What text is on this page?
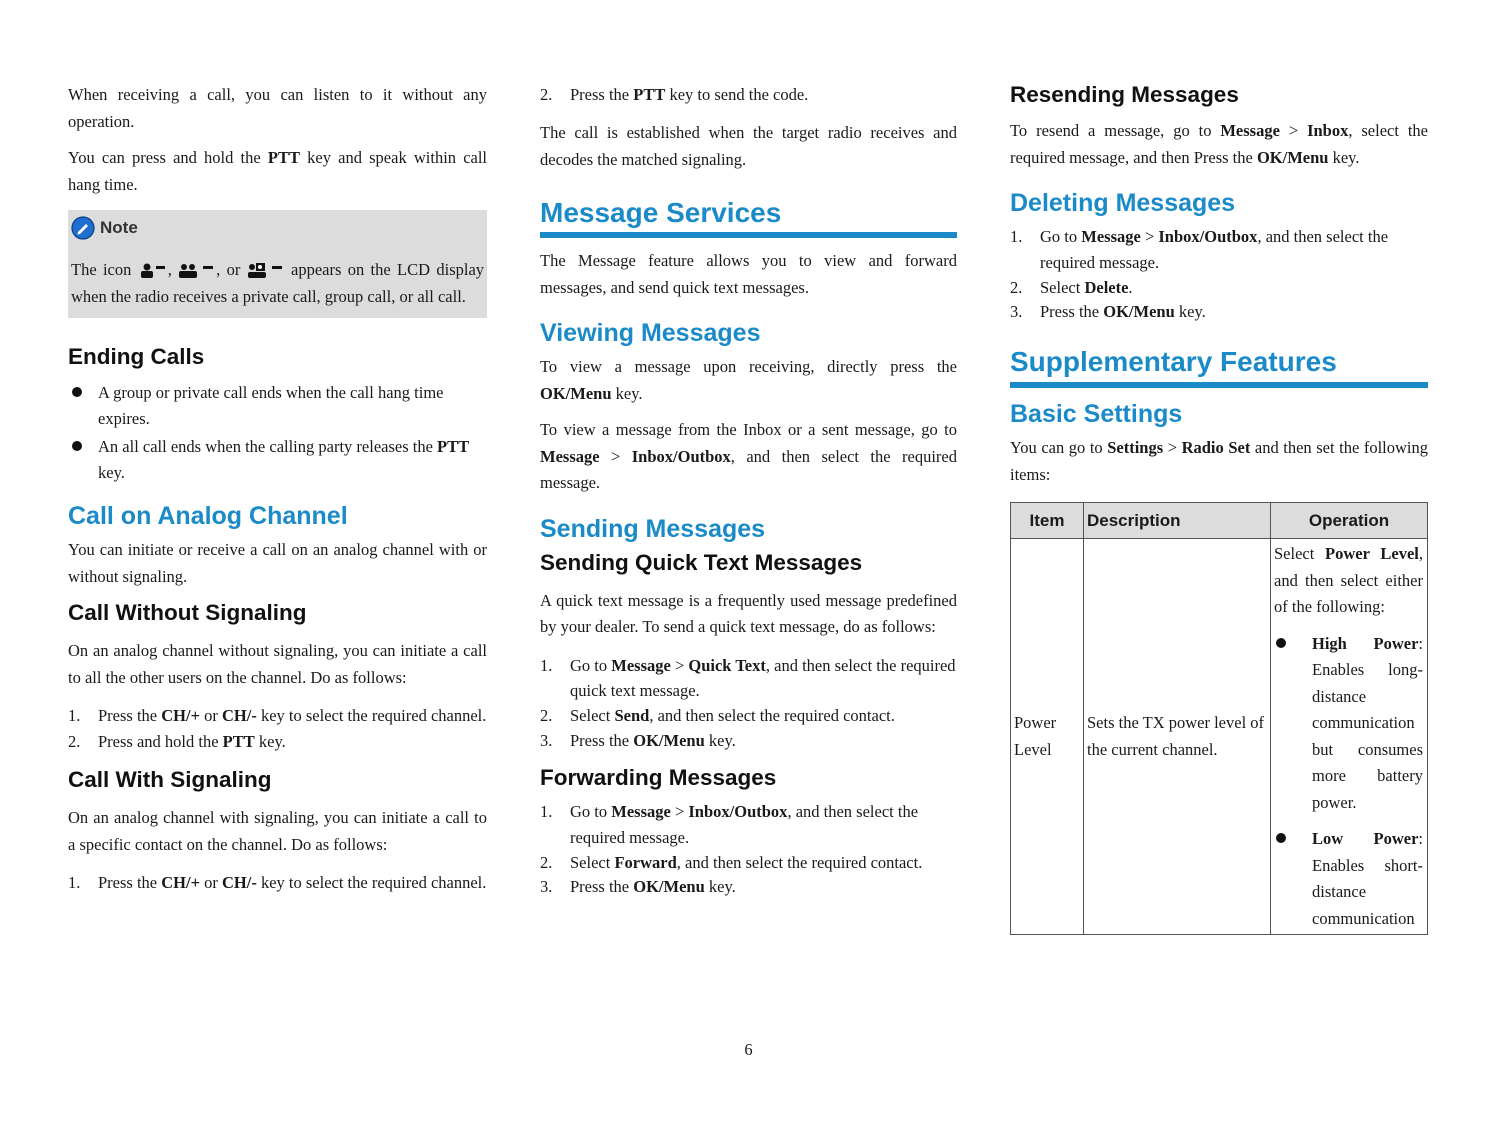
When receiving a call, you can listen to it without any operation.

You can press and hold the PTT key and speak within call hang time.

Note

The icon ,	, or	appears on the LCD display when the radio receives a private call, group call, or all call.

Ending Calls
A group or private call ends when the call hang time expires.
An all call ends when the calling party releases the PTT key.
Call on Analog Channel

You can initiate or receive a call on an analog channel with or without signaling.

Call Without Signaling

On an analog channel without signaling, you can initiate a call to all the other users on the channel. Do as follows:

1. Press the CH/+ or CH/- key to select the required channel.
2. Press and hold the PTT key.
Call With Signaling

On an analog channel with signaling, you can initiate a call to a specific contact on the channel. Do as follows:

1. Press the CH/+ or CH/- key to select the required channel.
2. Press the PTT key to send the code.

The call is established when the target radio receives and decodes the matched signaling.

Message Services

The Message feature allows you to view and forward messages, and send quick text messages.

Viewing Messages

To view a message upon receiving, directly press the OK/Menu key.

To view a message from the Inbox or a sent message, go to Message > Inbox/Outbox, and then select the required message.

Sending Messages
Sending Quick Text Messages

A quick text message is a frequently used message predefined by your dealer. To send a quick text message, do as follows:

1. Go to Message > Quick Text, and then select the required quick text message.
2. Select Send, and then select the required contact.
3. Press the OK/Menu key.
Forwarding Messages
1. Go to Message > Inbox/Outbox, and then select the required message.
2. Select Forward, and then select the required contact.
3. Press the OK/Menu key.
Resending Messages

To resend a message, go to Message > Inbox, select the required message, and then Press the OK/Menu key.

Deleting Messages
1. Go to Message > Inbox/Outbox, and then select the required message.
2. Select Delete.
3. Press the OK/Menu key.
Supplementary Features
Basic Settings

You can go to Settings > Radio Set and then set the following items:

Item	Description	Operation
Power Level	Sets the TX power level of the current channel.	Select Power Level, and then select either of the following:

High Power: Enables long-distance communication but consumes more battery power.
Low Power: Enables short-distance communication
6
